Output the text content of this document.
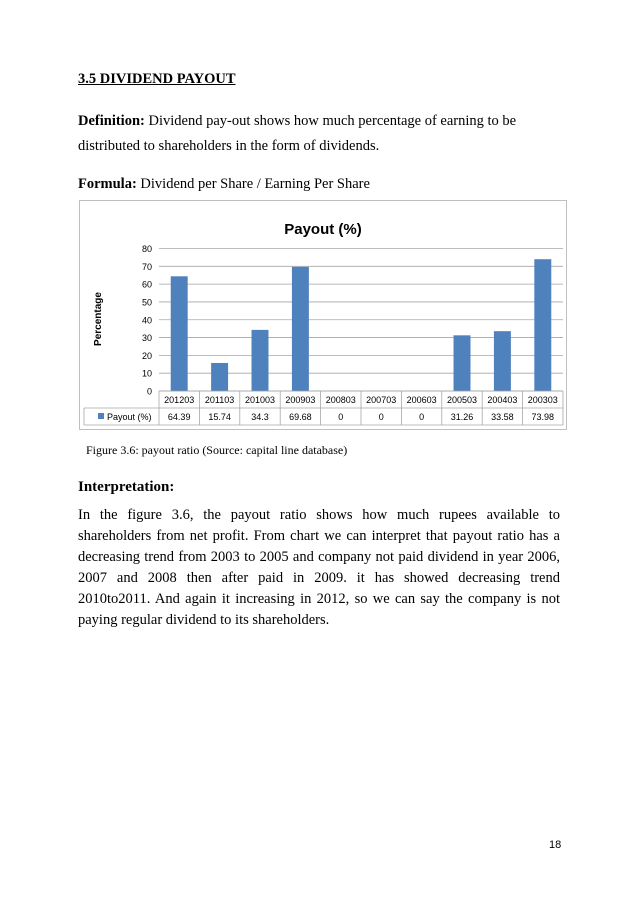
3.5 DIVIDEND PAYOUT
Definition: Dividend pay-out shows how much percentage of earning to be distributed to shareholders in the form of dividends.
Formula: Dividend per Share / Earning Per Share
Payout (%)
Percentage
0
10
20
30
40
50
60
70
80
201203
64.39
201103
15.74
201003
34.3
200903
69.68
200803
0
200703
0
200603
0
200503
31.26
200403
33.58
200303
73.98
Payout (%)
Figure 3.6: payout ratio (Source: capital line database)
Interpretation:
In the figure 3.6, the payout ratio shows how much rupees available to shareholders from net profit. From chart we can interpret that payout ratio has a decreasing trend from 2003 to 2005 and company not paid dividend in year 2006, 2007 and 2008 then after paid in 2009. it has showed decreasing trend 2010to2011. And again it increasing in 2012, so we can say the company is not paying regular dividend to its shareholders.
18
